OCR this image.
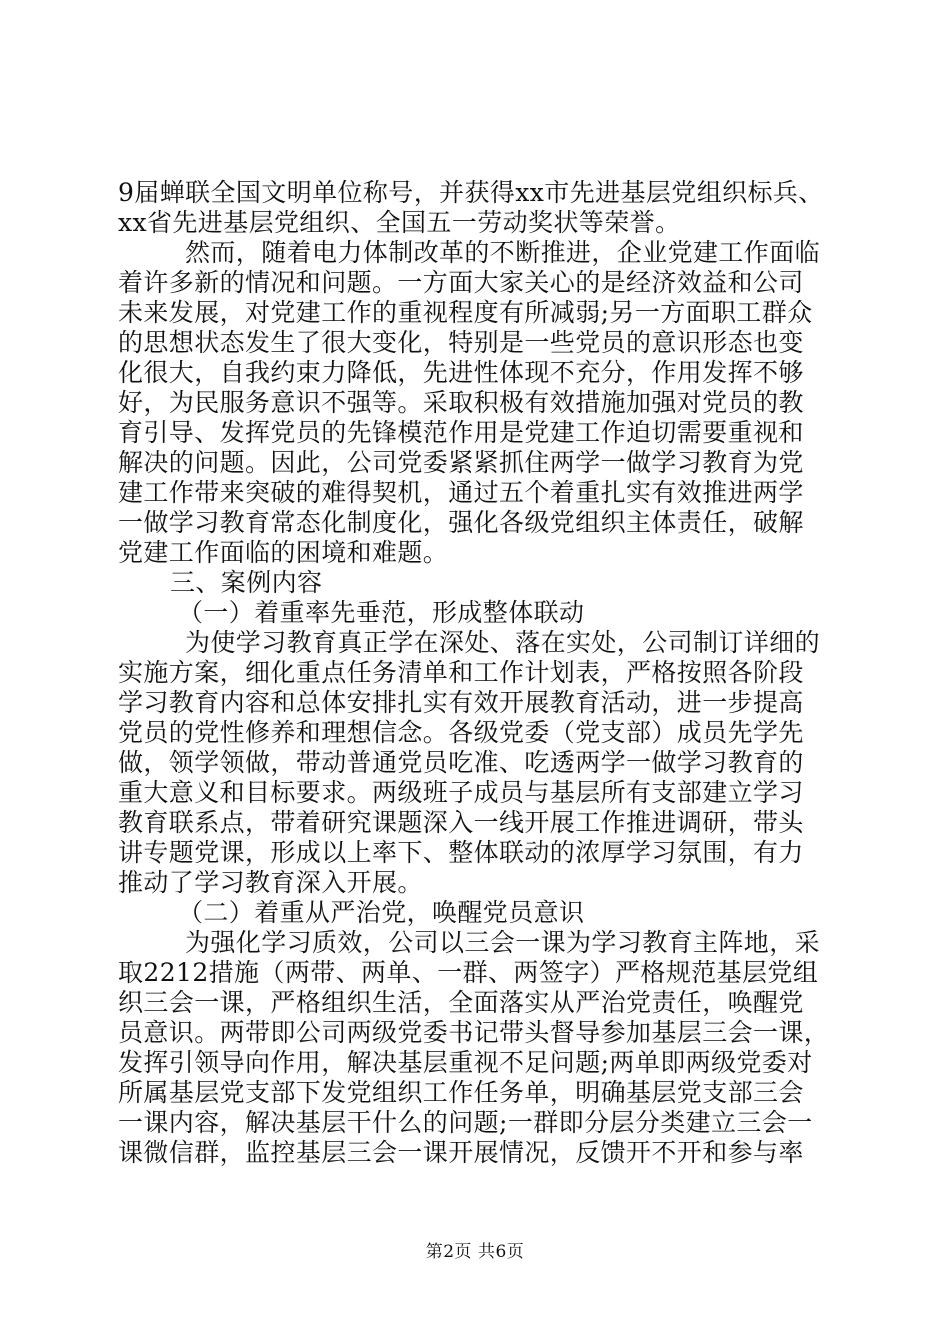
9届蝉联全国文明单位称号，并获得xx市先进基层党组织标兵、
xx省先进基层党组织、全国五一劳动奖状等荣誉。
然而，随着电力体制改革的不断推进，企业党建工作面临
着许多新的情况和问题。一方面大家关心的是经济效益和公司
未来发展，对党建工作的重视程度有所减弱;另一方面职工群众
的思想状态发生了很大变化，特别是一些党员的意识形态也变
化很大，自我约束力降低，先进性体现不充分，作用发挥不够
好，为民服务意识不强等。采取积极有效措施加强对党员的教
育引导、发挥党员的先锋模范作用是党建工作迫切需要重视和
解决的问题。因此，公司党委紧紧抓住两学一做学习教育为党
建工作带来突破的难得契机，通过五个着重扎实有效推进两学
一做学习教育常态化制度化，强化各级党组织主体责任，破解
党建工作面临的困境和难题。
三、案例内容
（一）着重率先垂范，形成整体联动
为使学习教育真正学在深处、落在实处，公司制订详细的
实施方案，细化重点任务清单和工作计划表，严格按照各阶段
学习教育内容和总体安排扎实有效开展教育活动，进一步提高
党员的党性修养和理想信念。各级党委（党支部）成员先学先
做，领学领做，带动普通党员吃准、吃透两学一做学习教育的
重大意义和目标要求。两级班子成员与基层所有支部建立学习
教育联系点，带着研究课题深入一线开展工作推进调研，带头
讲专题党课，形成以上率下、整体联动的浓厚学习氛围，有力
推动了学习教育深入开展。
（二）着重从严治党，唤醒党员意识
为强化学习质效，公司以三会一课为学习教育主阵地，采
取2212措施（两带、两单、一群、两签字）严格规范基层党组
织三会一课，严格组织生活，全面落实从严治党责任，唤醒党
员意识。两带即公司两级党委书记带头督导参加基层三会一课，
发挥引领导向作用，解决基层重视不足问题;两单即两级党委对
所属基层党支部下发党组织工作任务单，明确基层党支部三会
一课内容，解决基层干什么的问题;一群即分层分类建立三会一
课微信群，监控基层三会一课开展情况，反馈开不开和参与率
第2页 共6页
